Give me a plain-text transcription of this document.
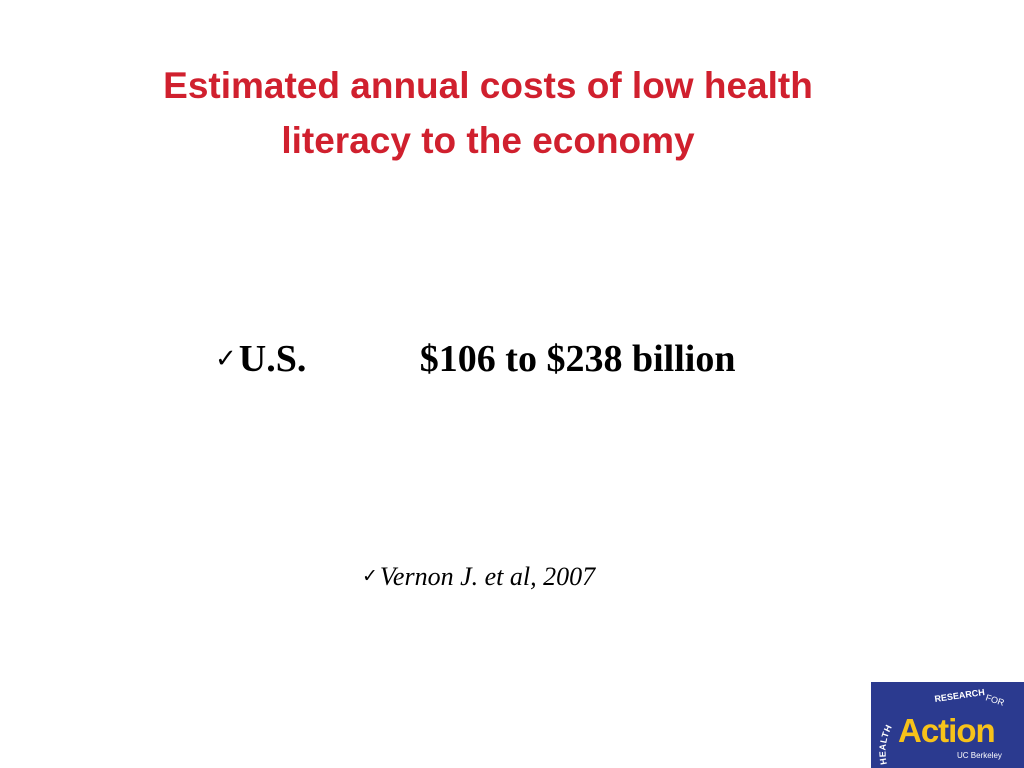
Estimated annual costs of low health
literacy to the economy
✓U.S.	$106 to $238 billion
✓Vernon J. et al, 2007
HEALTH
RESEARCH FOR
Action
UC Berkeley
